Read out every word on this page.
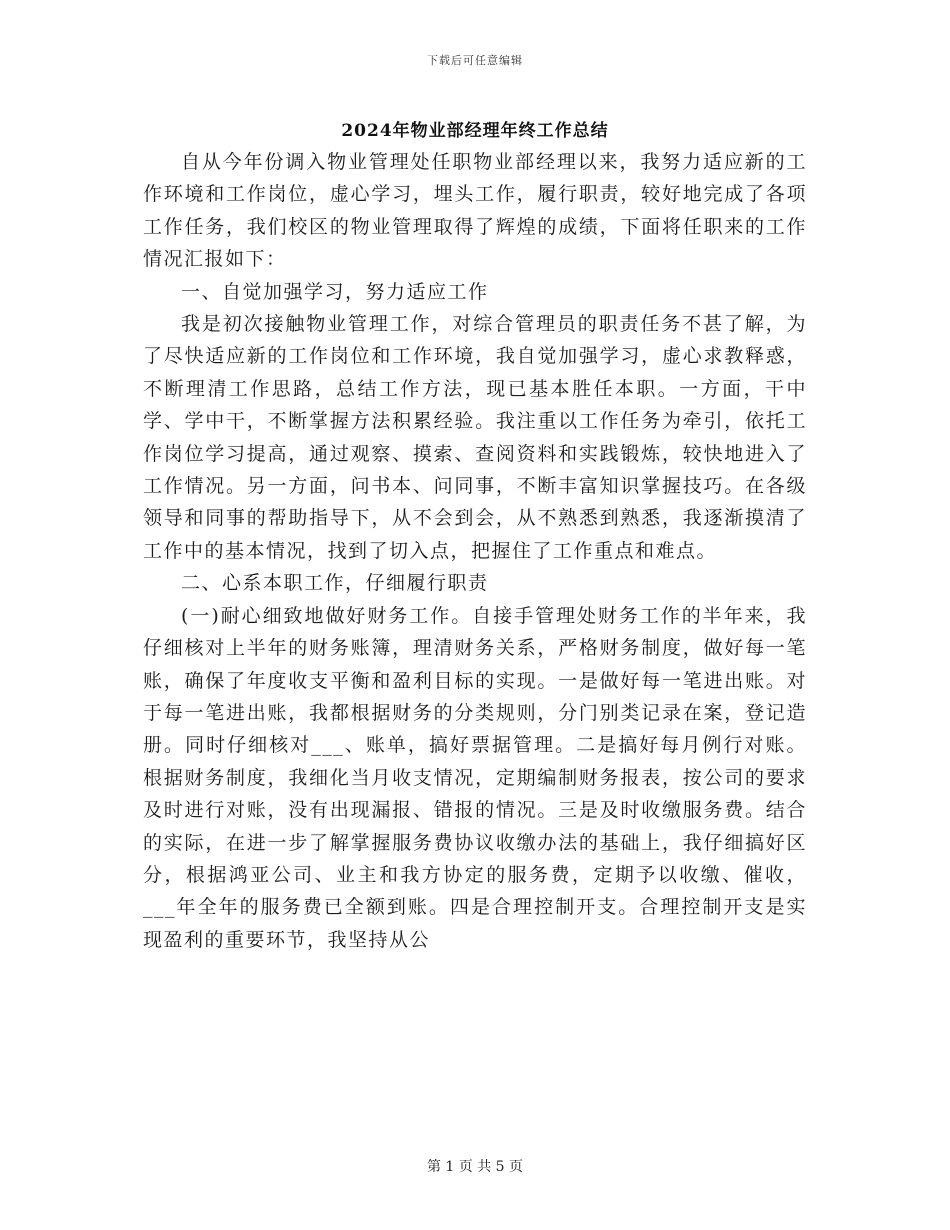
下载后可任意编辑
2024年物业部经理年终工作总结

自从今年份调入物业管理处任职物业部经理以来，我努力适应新的工作环境和工作岗位，虚心学习，埋头工作，履行职责，较好地完成了各项工作任务，我们校区的物业管理取得了辉煌的成绩，下面将任职来的工作情况汇报如下：

一、自觉加强学习，努力适应工作

我是初次接触物业管理工作，对综合管理员的职责任务不甚了解，为了尽快适应新的工作岗位和工作环境，我自觉加强学习，虚心求教释惑，不断理清工作思路，总结工作方法，现已基本胜任本职。一方面，干中学、学中干，不断掌握方法积累经验。我注重以工作任务为牵引，依托工作岗位学习提高，通过观察、摸索、查阅资料和实践锻炼，较快地进入了工作情况。另一方面，问书本、问同事，不断丰富知识掌握技巧。在各级领导和同事的帮助指导下，从不会到会，从不熟悉到熟悉，我逐渐摸清了工作中的基本情况，找到了切入点，把握住了工作重点和难点。

二、心系本职工作，仔细履行职责

(一)耐心细致地做好财务工作。自接手管理处财务工作的半年来，我仔细核对上半年的财务账簿，理清财务关系，严格财务制度，做好每一笔账，确保了年度收支平衡和盈利目标的实现。一是做好每一笔进出账。对于每一笔进出账，我都根据财务的分类规则，分门别类记录在案，登记造册。同时仔细核对___、账单，搞好票据管理。二是搞好每月例行对账。根据财务制度，我细化当月收支情况，定期编制财务报表，按公司的要求及时进行对账，没有出现漏报、错报的情况。三是及时收缴服务费。结合的实际，在进一步了解掌握服务费协议收缴办法的基础上，我仔细搞好区分，根据鸿亚公司、业主和我方协定的服务费，定期予以收缴、催收，___年全年的服务费已全额到账。四是合理控制开支。合理控制开支是实现盈利的重要环节，我坚持从公

第 1 页 共 5 页
